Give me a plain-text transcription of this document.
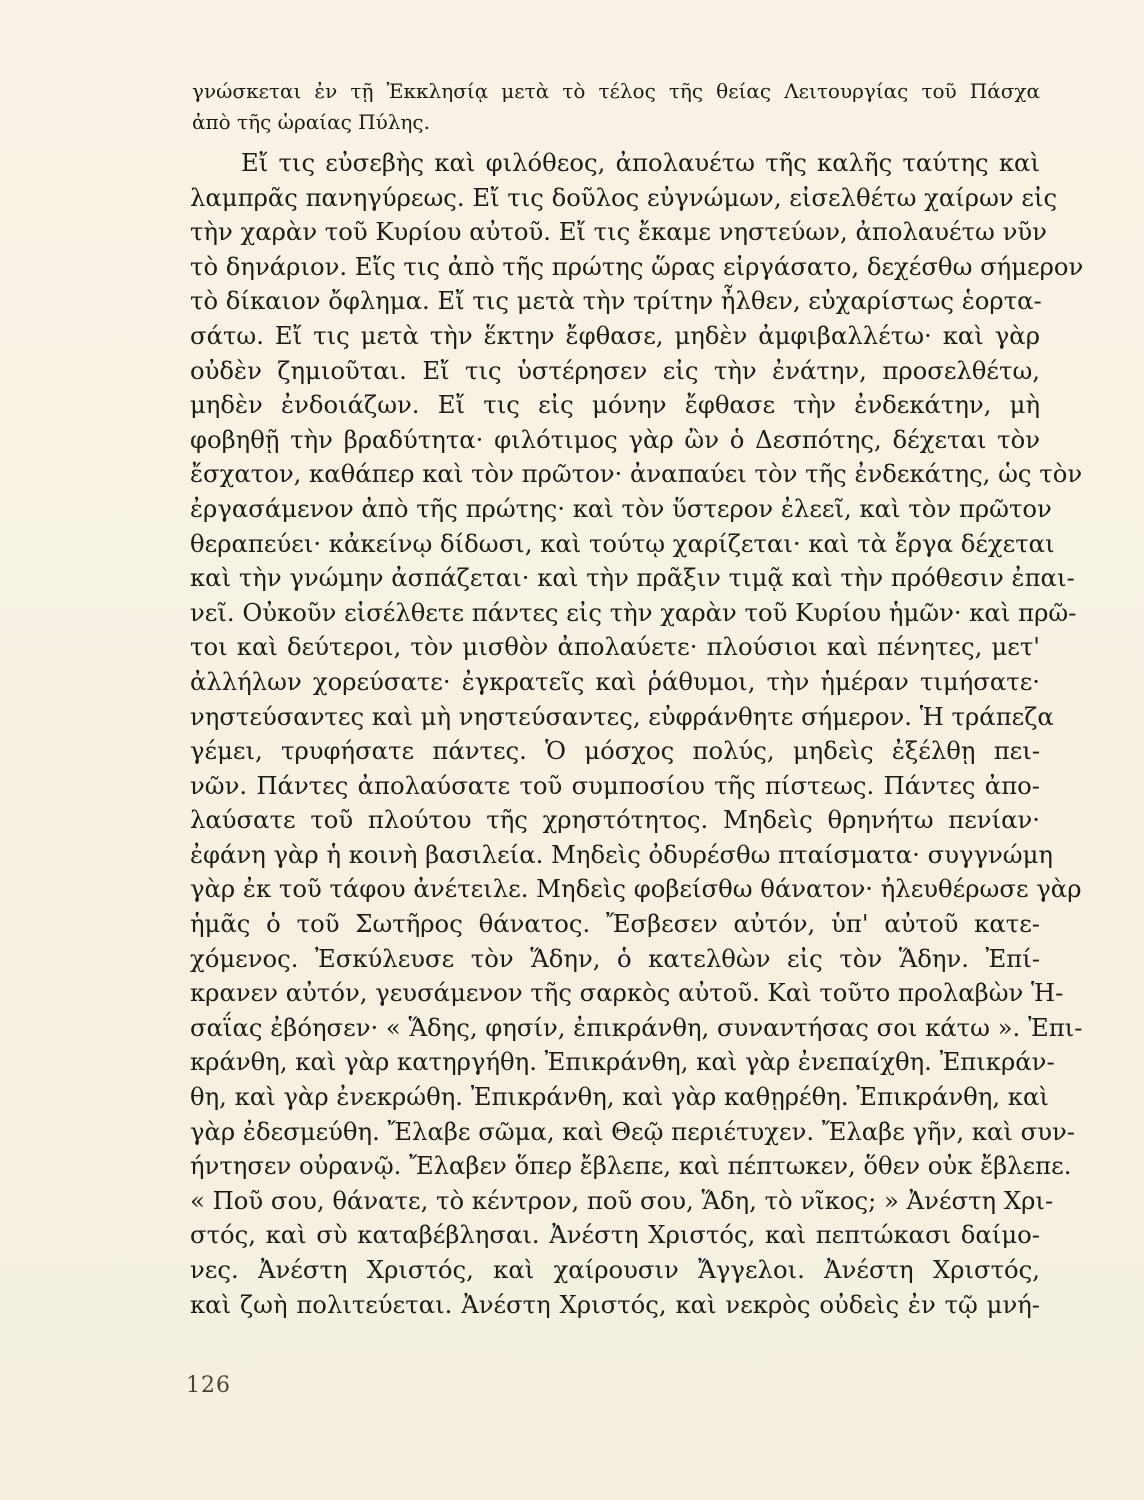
γνώσκεται ἐν τῇ Ἐκκλησίᾳ μετὰ τὸ τέλος τῆς θείας Λειτουργίας τοῦ Πάσχα
ἀπὸ τῆς ὡραίας Πύλης.
Εἴ τις εὐσεβὴς καὶ φιλόθεος, ἀπολαυέτω τῆς καλῆς ταύτης καὶ
λαμπρᾶς πανηγύρεως. Εἴ τις δοῦλος εὐγνώμων, εἰσελθέτω χαίρων εἰς
τὴν χαρὰν τοῦ Κυρίου αὐτοῦ. Εἴ τις ἔκαμε νηστεύων, ἀπολαυέτω νῦν
τὸ δηνάριον. Εἴς τις ἀπὸ τῆς πρώτης ὥρας εἰργάσατο, δεχέσθω σήμερον
τὸ δίκαιον ὄφλημα. Εἴ τις μετὰ τὴν τρίτην ἦλθεν, εὐχαρίστως ἑορτα-
σάτω. Εἴ τις μετὰ τὴν ἕκτην ἔφθασε, μηδὲν ἀμφιβαλλέτω· καὶ γὰρ
οὐδὲν ζημιοῦται. Εἴ τις ὑστέρησεν εἰς τὴν ἐνάτην, προσελθέτω,
μηδὲν ἐνδοιάζων. Εἴ τις εἰς μόνην ἔφθασε τὴν ἐνδεκάτην, μὴ
φοβηθῇ τὴν βραδύτητα· φιλότιμος γὰρ ὢν ὁ Δεσπότης, δέχεται τὸν
ἔσχατον, καθάπερ καὶ τὸν πρῶτον· ἀναπαύει τὸν τῆς ἐνδεκάτης, ὡς τὸν
ἐργασάμενον ἀπὸ τῆς πρώτης· καὶ τὸν ὕστερον ἐλεεῖ, καὶ τὸν πρῶτον
θεραπεύει· κἀκείνῳ δίδωσι, καὶ τούτῳ χαρίζεται· καὶ τὰ ἔργα δέχεται
καὶ τὴν γνώμην ἀσπάζεται· καὶ τὴν πρᾶξιν τιμᾷ καὶ τὴν πρόθεσιν ἐπαι-
νεῖ. Οὐκοῦν εἰσέλθετε πάντες εἰς τὴν χαρὰν τοῦ Κυρίου ἡμῶν· καὶ πρῶ-
τοι καὶ δεύτεροι, τὸν μισθὸν ἀπολαύετε· πλούσιοι καὶ πένητες, μετ'
ἀλλήλων χορεύσατε· ἐγκρατεῖς καὶ ῥάθυμοι, τὴν ἡμέραν τιμήσατε·
νηστεύσαντες καὶ μὴ νηστεύσαντες, εὐφράνθητε σήμερον. Ἡ τράπεζα
γέμει, τρυφήσατε πάντες. Ὁ μόσχος πολύς, μηδεὶς ἐξέλθῃ πει-
νῶν. Πάντες ἀπολαύσατε τοῦ συμποσίου τῆς πίστεως. Πάντες ἀπο-
λαύσατε τοῦ πλούτου τῆς χρηστότητος. Μηδεὶς θρηνήτω πενίαν·
ἐφάνη γὰρ ἡ κοινὴ βασιλεία. Μηδεὶς ὀδυρέσθω πταίσματα· συγγνώμη
γὰρ ἐκ τοῦ τάφου ἀνέτειλε. Μηδεὶς φοβείσθω θάνατον· ἠλευθέρωσε γὰρ
ἡμᾶς ὁ τοῦ Σωτῆρος θάνατος. Ἔσβεσεν αὐτόν, ὑπ' αὐτοῦ κατε-
χόμενος. Ἐσκύλευσε τὸν Ἅδην, ὁ κατελθὼν εἰς τὸν Ἅδην. Ἐπί-
κρανεν αὐτόν, γευσάμενον τῆς σαρκὸς αὐτοῦ. Καὶ τοῦτο προλαβὼν Ἡ-
σαΐας ἐβόησεν· « Ἅδης, φησίν, ἐπικράνθη, συναντήσας σοι κάτω ». Ἐπι-
κράνθη, καὶ γὰρ κατηργήθη. Ἐπικράνθη, καὶ γὰρ ἐνεπαίχθη. Ἐπικράν-
θη, καὶ γὰρ ἐνεκρώθη. Ἐπικράνθη, καὶ γὰρ καθῃρέθη. Ἐπικράνθη, καὶ
γὰρ ἐδεσμεύθη. Ἔλαβε σῶμα, καὶ Θεῷ περιέτυχεν. Ἔλαβε γῆν, καὶ συν-
ήντησεν οὐρανῷ. Ἔλαβεν ὅπερ ἔβλεπε, καὶ πέπτωκεν, ὅθεν οὐκ ἔβλεπε.
« Ποῦ σου, θάνατε, τὸ κέντρον, ποῦ σου, Ἅδη, τὸ νῖκος; » Ἀνέστη Χρι-
στός, καὶ σὺ καταβέβλησαι. Ἀνέστη Χριστός, καὶ πεπτώκασι δαίμο-
νες. Ἀνέστη Χριστός, καὶ χαίρουσιν Ἄγγελοι. Ἀνέστη Χριστός,
καὶ ζωὴ πολιτεύεται. Ἀνέστη Χριστός, καὶ νεκρὸς οὐδεὶς ἐν τῷ μνή-
126
